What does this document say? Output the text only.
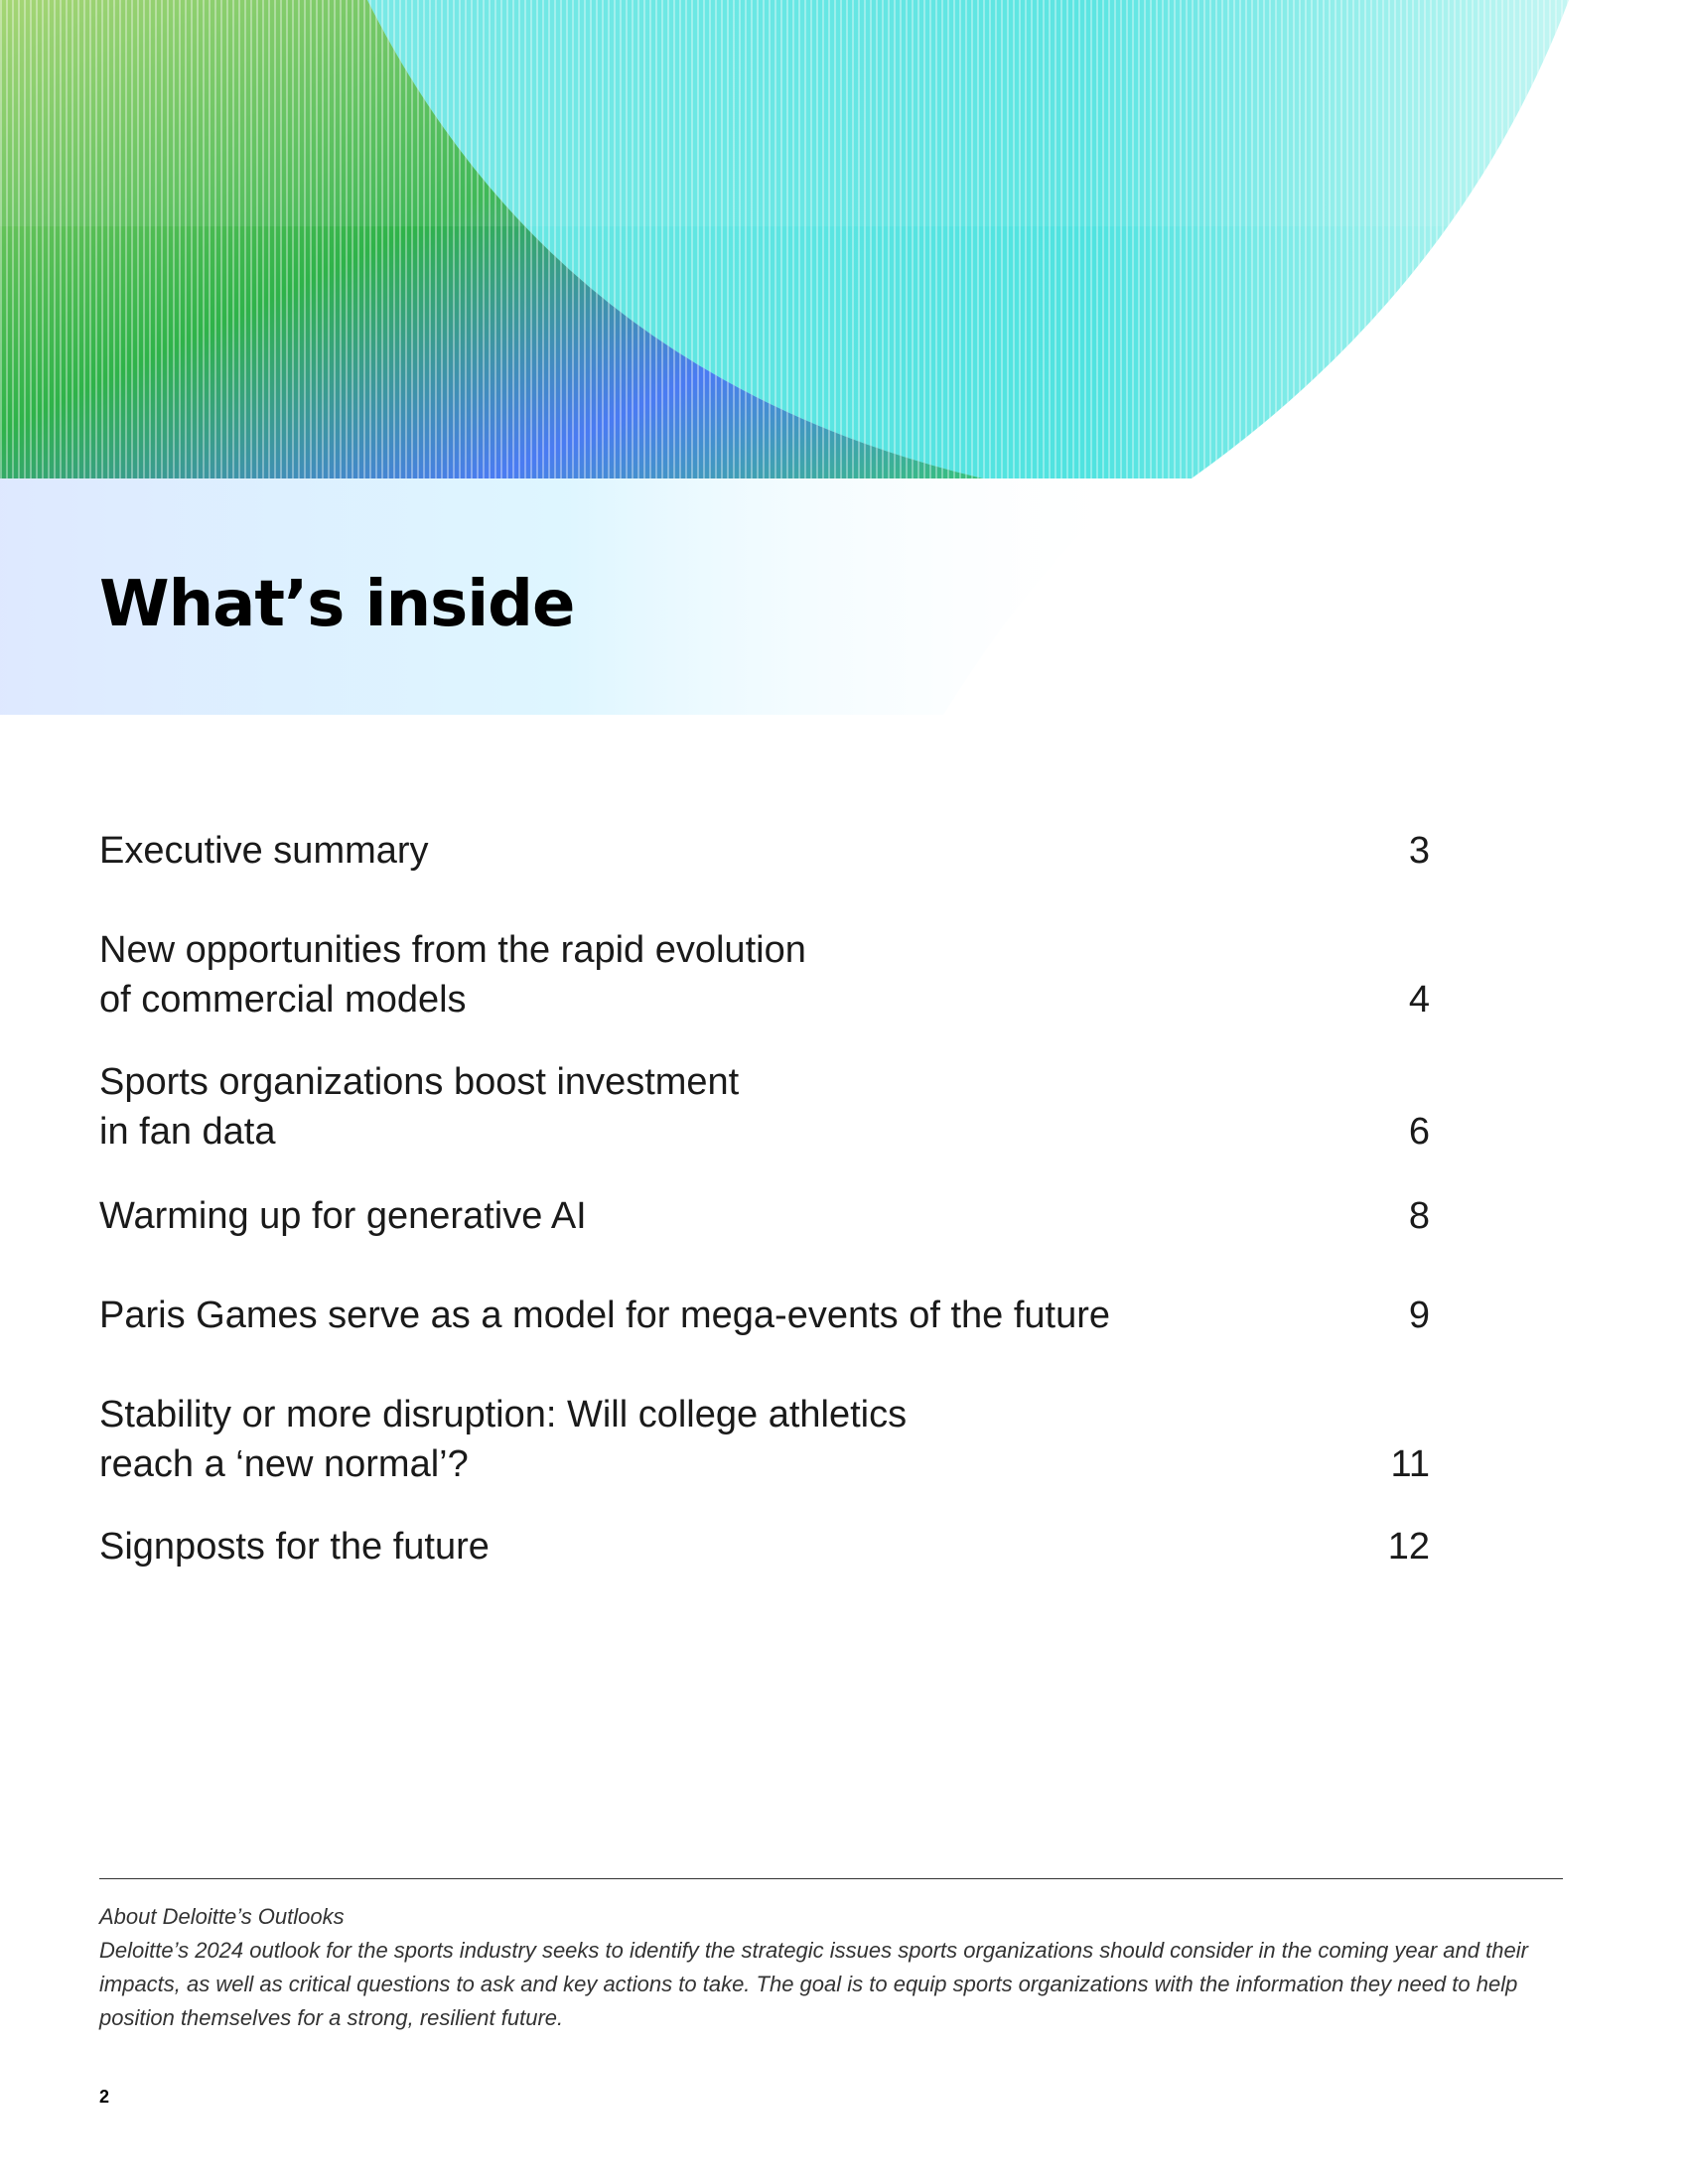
What’s inside
Executive summary	3
New opportunities from the rapid evolution
of commercial models	4
Sports organizations boost investment
in fan data	6
Warming up for generative AI	8
Paris Games serve as a model for mega-events of the future	9
Stability or more disruption: Will college athletics
reach a ‘new normal’?	11
Signposts for the future	12

About Deloitte’s Outlooks

Deloitte’s 2024 outlook for the sports industry seeks to identify the strategic issues sports organizations should consider in the coming year and their impacts, as well as critical questions to ask and key actions to take. The goal is to equip sports organizations with the information they need to help position themselves for a strong, resilient future.

2
